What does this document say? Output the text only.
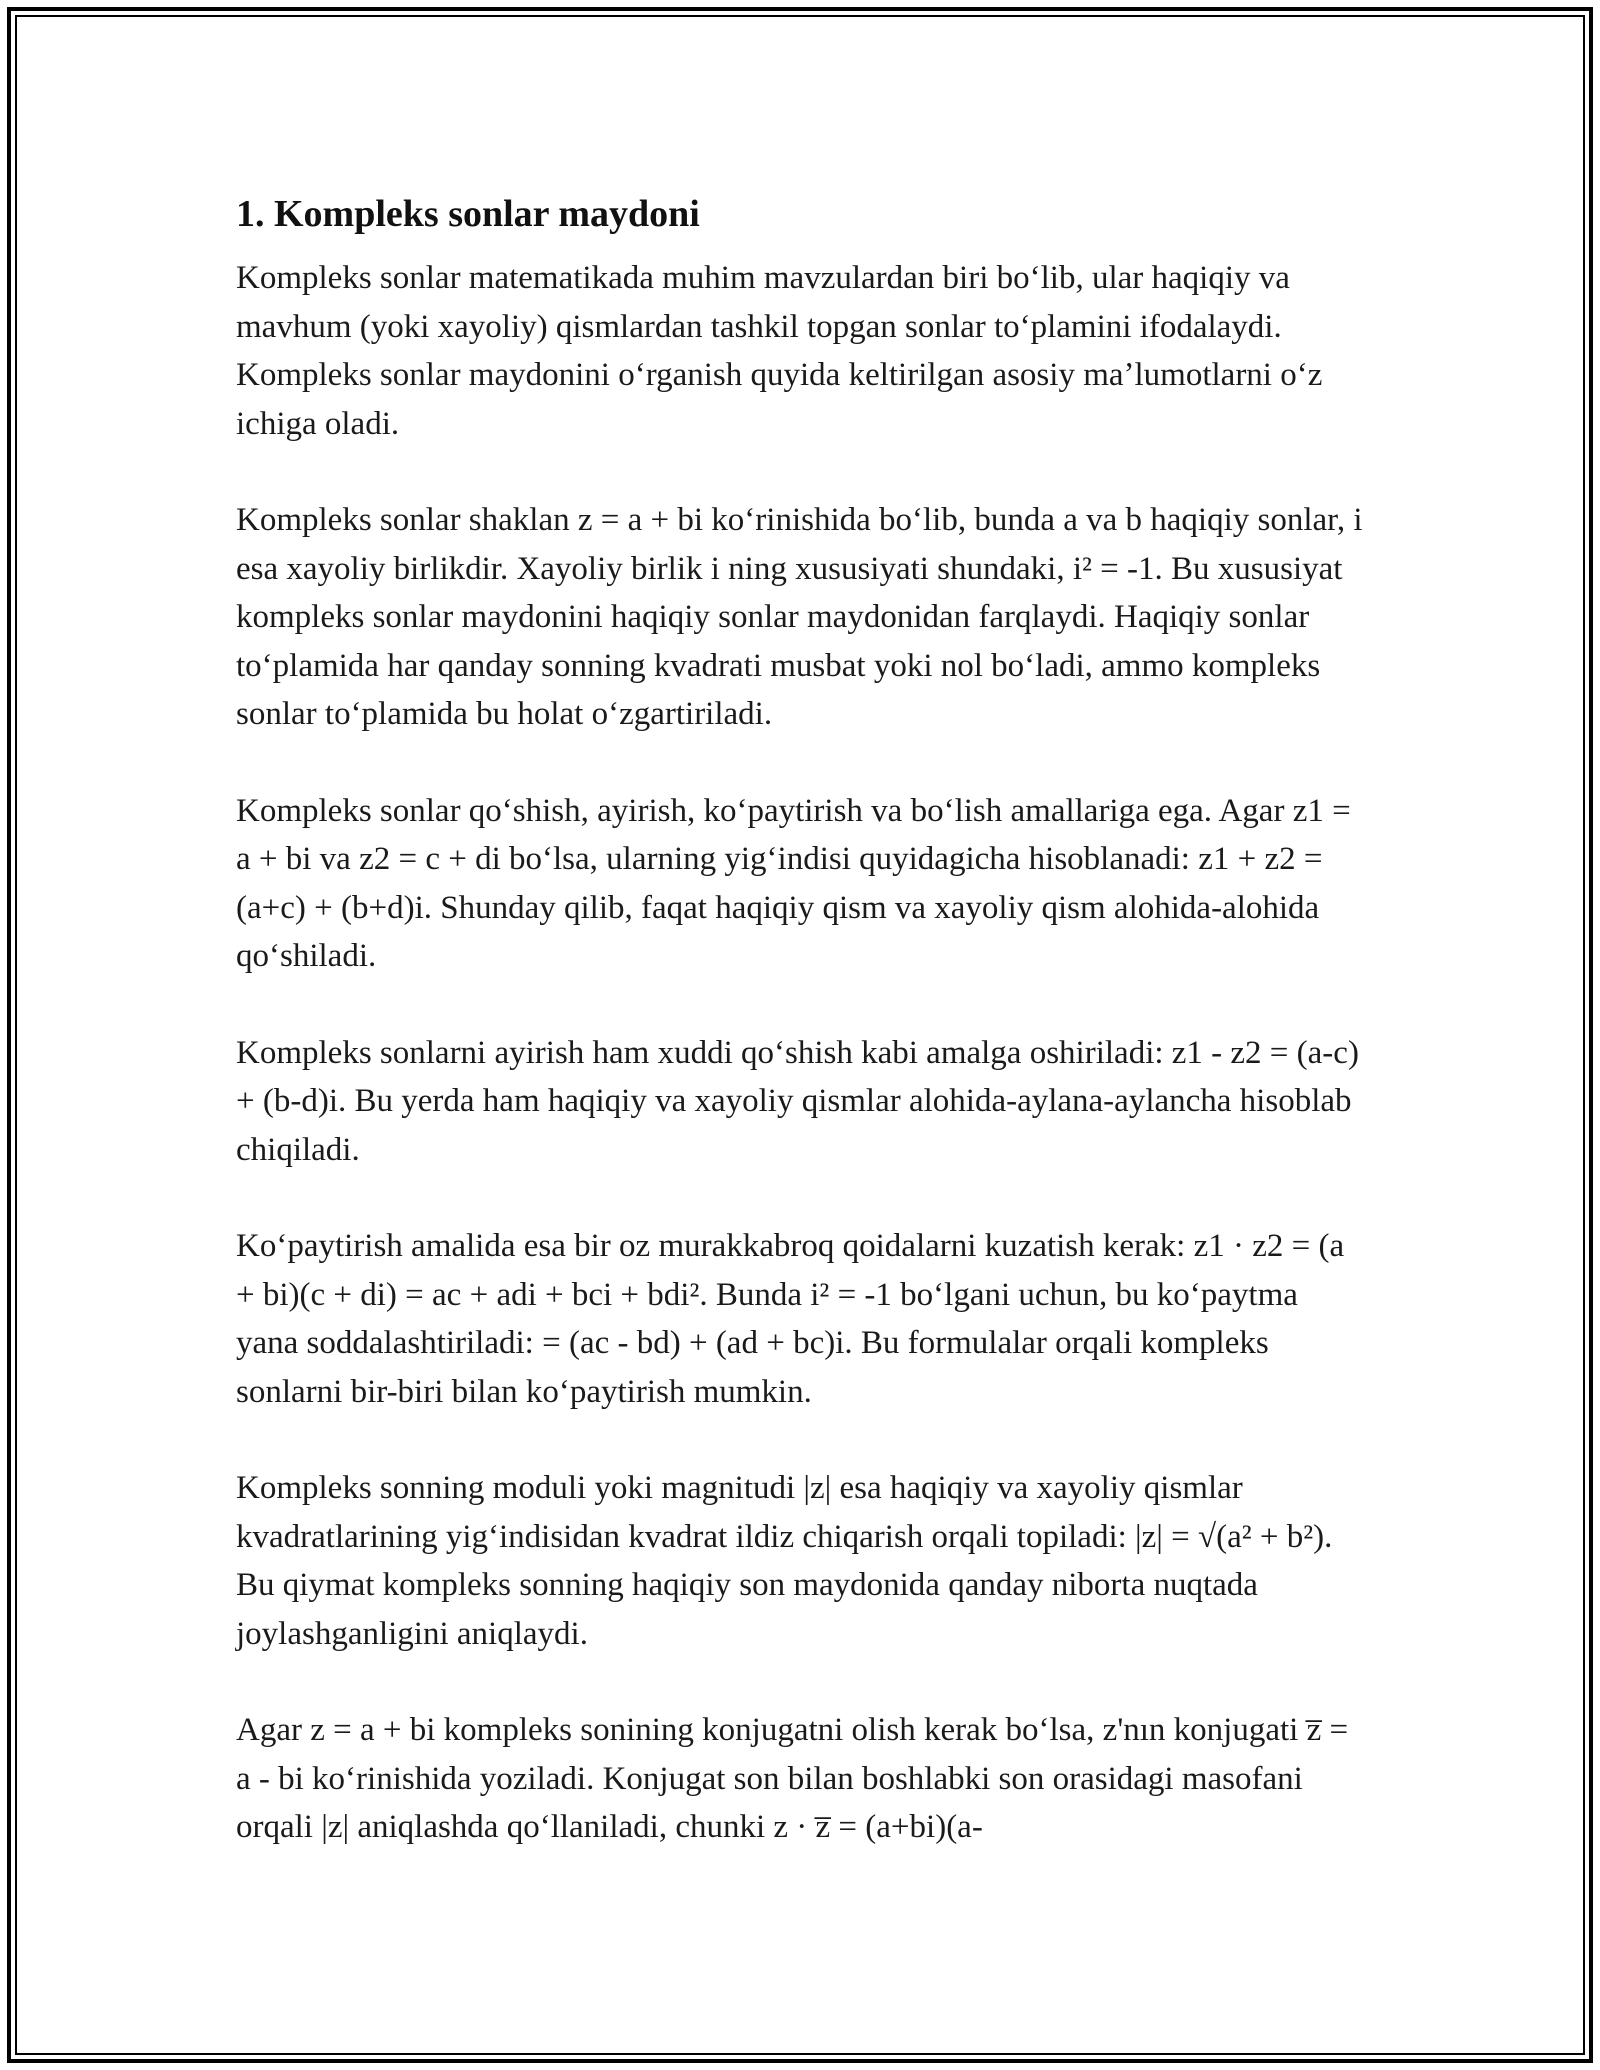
1. Kompleks sonlar maydoni

Kompleks sonlar matematikada muhim mavzulardan biri boʻlib, ular haqiqiy va mavhum (yoki xayoliy) qismlardan tashkil topgan sonlar toʻplamini ifodalaydi. Kompleks sonlar maydonini oʻrganish quyida keltirilgan asosiy maʼlumotlarni oʻz ichiga oladi.

Kompleks sonlar shaklan z = a + bi koʻrinishida boʻlib, bunda a va b haqiqiy sonlar, i esa xayoliy birlikdir. Xayoliy birlik i ning xususiyati shundaki, i² = -1. Bu xususiyat kompleks sonlar maydonini haqiqiy sonlar maydonidan farqlaydi. Haqiqiy sonlar toʻplamida har qanday sonning kvadrati musbat yoki nol boʻladi, ammo kompleks sonlar toʻplamida bu holat oʻzgartiriladi.

Kompleks sonlar qoʻshish, ayirish, koʻpaytirish va boʻlish amallariga ega. Agar z1 = a + bi va z2 = c + di boʻlsa, ularning yigʻindisi quyidagicha hisoblanadi: z1 + z2 = (a+c) + (b+d)i. Shunday qilib, faqat haqiqiy qism va xayoliy qism alohida-alohida qoʻshiladi.

Kompleks sonlarni ayirish ham xuddi qoʻshish kabi amalga oshiriladi: z1 - z2 = (a-c) + (b-d)i. Bu yerda ham haqiqiy va xayoliy qismlar alohida-aylana-aylancha hisoblab chiqiladi.

Koʻpaytirish amalida esa bir oz murakkabroq qoidalarni kuzatish kerak: z1 · z2 = (a + bi)(c + di) = ac + adi + bci + bdi². Bunda i² = -1 boʻlgani uchun, bu koʻpaytma yana soddalashtiriladi: = (ac - bd) + (ad + bc)i. Bu formulalar orqali kompleks sonlarni bir-biri bilan koʻpaytirish mumkin.

Kompleks sonning moduli yoki magnitudi |z| esa haqiqiy va xayoliy qismlar kvadratlarining yigʻindisidan kvadrat ildiz chiqarish orqali topiladi: |z| = √(a² + b²). Bu qiymat kompleks sonning haqiqiy son maydonida qanday niborta nuqtada joylashganligini aniqlaydi.

Agar z = a + bi kompleks sonining konjugatni olish kerak boʻlsa, z'nın konjugati z̅ = a - bi koʻrinishida yoziladi. Konjugat son bilan boshlabki son orasidagi masofani orqali |z| aniqlashda qoʻllaniladi, chunki z · z̅ = (a+bi)(a-
